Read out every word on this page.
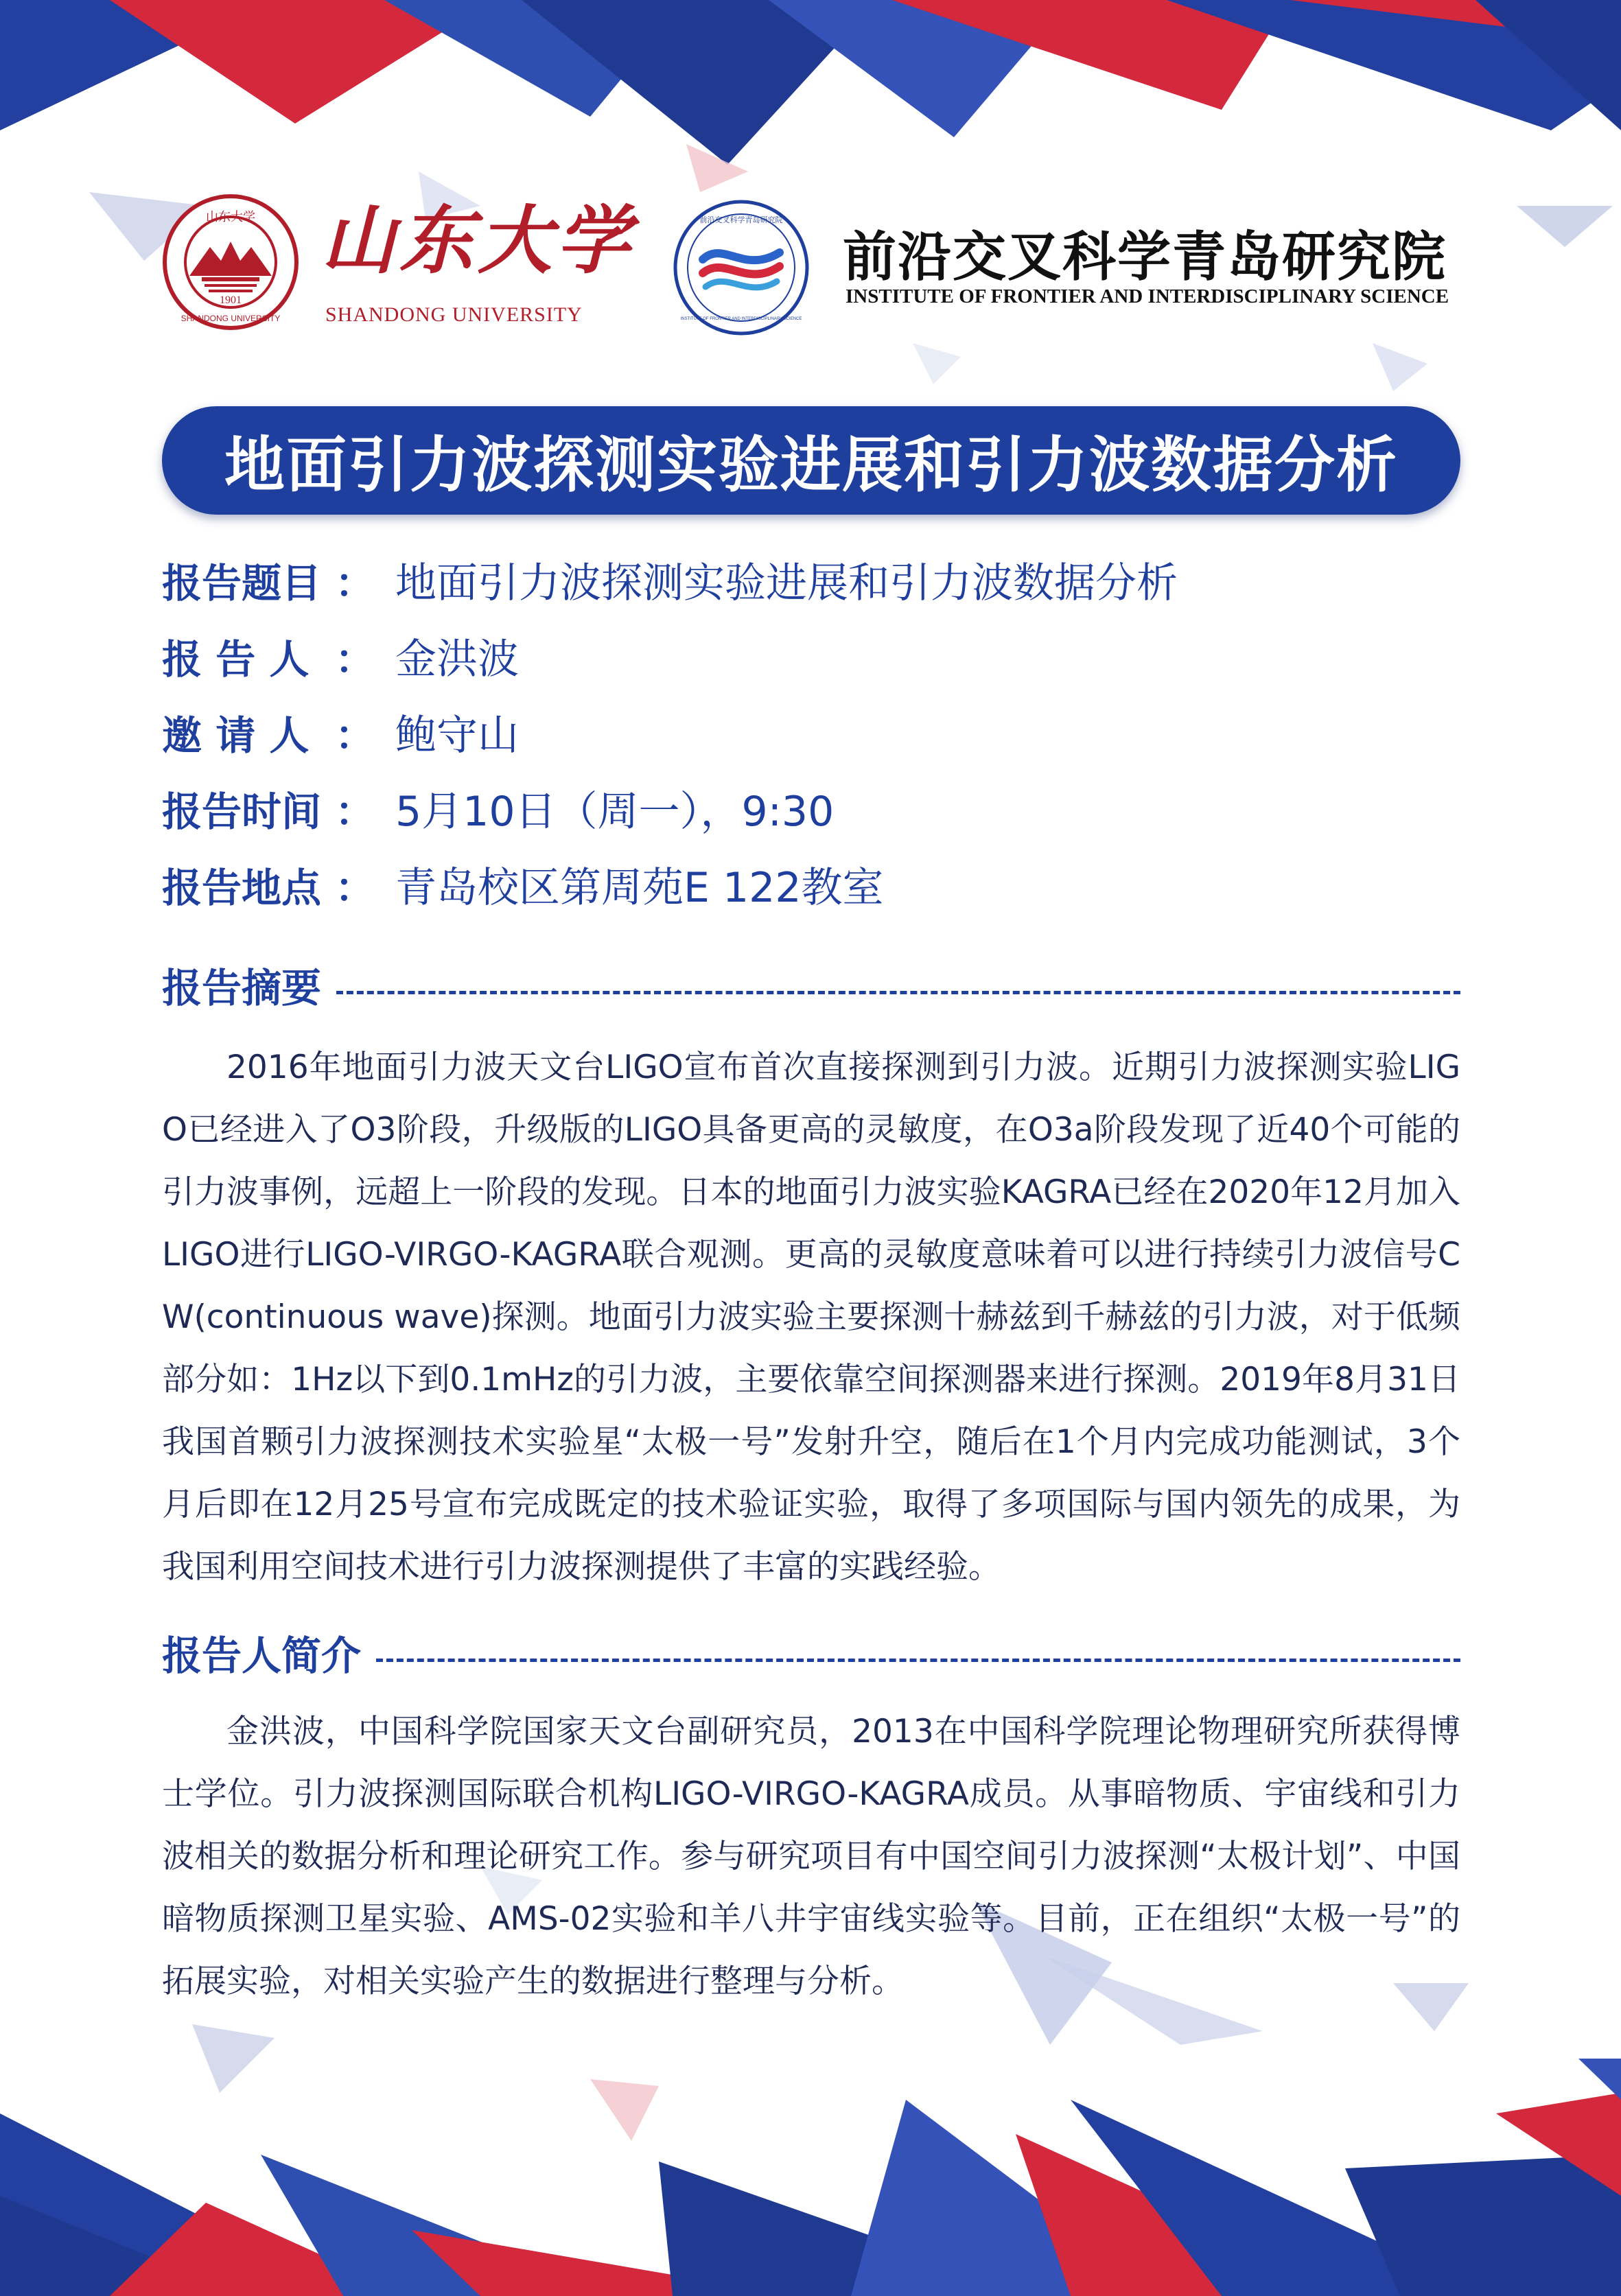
1901
山东大学
SHANDONG UNIVERSITY
山东大学
SHANDONG UNIVERSITY
前沿交叉科学青岛研究院
INSTITUTE OF FRONTIER AND INTERDISCIPLINARY SCIENCE
前沿交叉科学青岛研究院
INSTITUTE OF FRONTIER AND INTERDISCIPLINARY SCIENCE
地面引力波探测实验进展和引力波数据分析
报告题目 ： 地面引力波探测实验进展和引力波数据分析
报 告 人 ： 金洪波
邀 请 人 ： 鲍守山
报告时间 ： 5月10日（周一），9:30
报告地点 ： 青岛校区第周苑E 122教室
报告摘要

2016年地面引力波天文台LIGO宣布首次直接探测到引力波。近期引力波探测实验LIGO已经进入了O3阶段，升级版的LIGO具备更高的灵敏度，在O3a阶段发现了近40个可能的引力波事例，远超上一阶段的发现。日本的地面引力波实验KAGRA已经在2020年12月加入LIGO进行LIGO-VIRGO-KAGRA联合观测。更高的灵敏度意味着可以进行持续引力波信号CW(continuous wave)探测。地面引力波实验主要探测十赫兹到千赫兹的引力波，对于低频部分如：1Hz以下到0.1mHz的引力波，主要依靠空间探测器来进行探测。2019年8月31日我国首颗引力波探测技术实验星“太极一号”发射升空，随后在1个月内完成功能测试，3个月后即在12月25号宣布完成既定的技术验证实验，取得了多项国际与国内领先的成果，为我国利用空间技术进行引力波探测提供了丰富的实践经验。

报告人简介

金洪波，中国科学院国家天文台副研究员，2013在中国科学院理论物理研究所获得博士学位。引力波探测国际联合机构LIGO-VIRGO-KAGRA成员。从事暗物质、宇宙线和引力波相关的数据分析和理论研究工作。参与研究项目有中国空间引力波探测“太极计划”、中国暗物质探测卫星实验、AMS-02实验和羊八井宇宙线实验等。目前，正在组织“太极一号”的拓展实验，对相关实验产生的数据进行整理与分析。
